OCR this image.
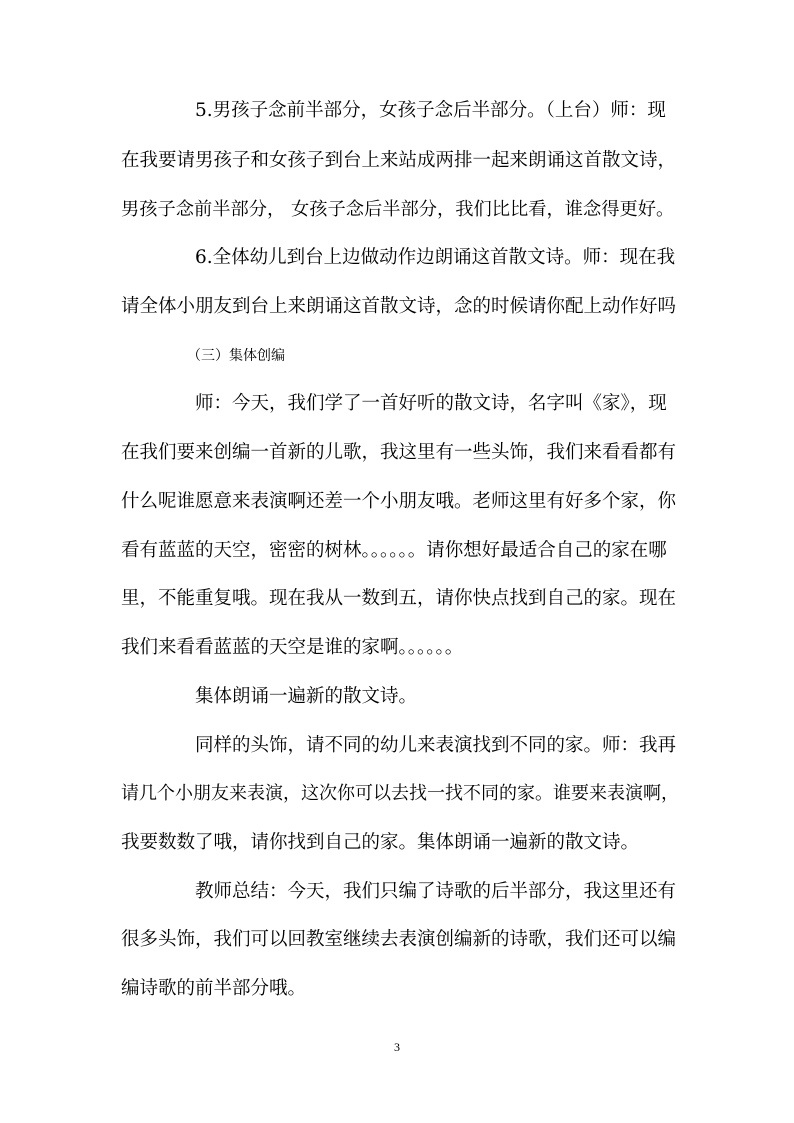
5.男孩子念前半部分，女孩子念后半部分。（上台）师：现
在我要请男孩子和女孩子到台上来站成两排一起来朗诵这首散文诗，
男孩子念前半部分， 女孩子念后半部分，我们比比看，谁念得更好。
6.全体幼儿到台上边做动作边朗诵这首散文诗。师：现在我
请全体小朋友到台上来朗诵这首散文诗，念的时候请你配上动作好吗
（三）集体创编
师：今天，我们学了一首好听的散文诗，名字叫《家》，现
在我们要来创编一首新的儿歌，我这里有一些头饰，我们来看看都有
什么呢谁愿意来表演啊还差一个小朋友哦。老师这里有好多个家，你
看有蓝蓝的天空，密密的树林。。。。。。请你想好最适合自己的家在哪
里，不能重复哦。现在我从一数到五，请你快点找到自己的家。现在
我们来看看蓝蓝的天空是谁的家啊。。。。。。
集体朗诵一遍新的散文诗。
同样的头饰，请不同的幼儿来表演找到不同的家。师：我再
请几个小朋友来表演，这次你可以去找一找不同的家。谁要来表演啊，
我要数数了哦，请你找到自己的家。集体朗诵一遍新的散文诗。
教师总结：今天，我们只编了诗歌的后半部分，我这里还有
很多头饰，我们可以回教室继续去表演创编新的诗歌，我们还可以编
编诗歌的前半部分哦。
3
